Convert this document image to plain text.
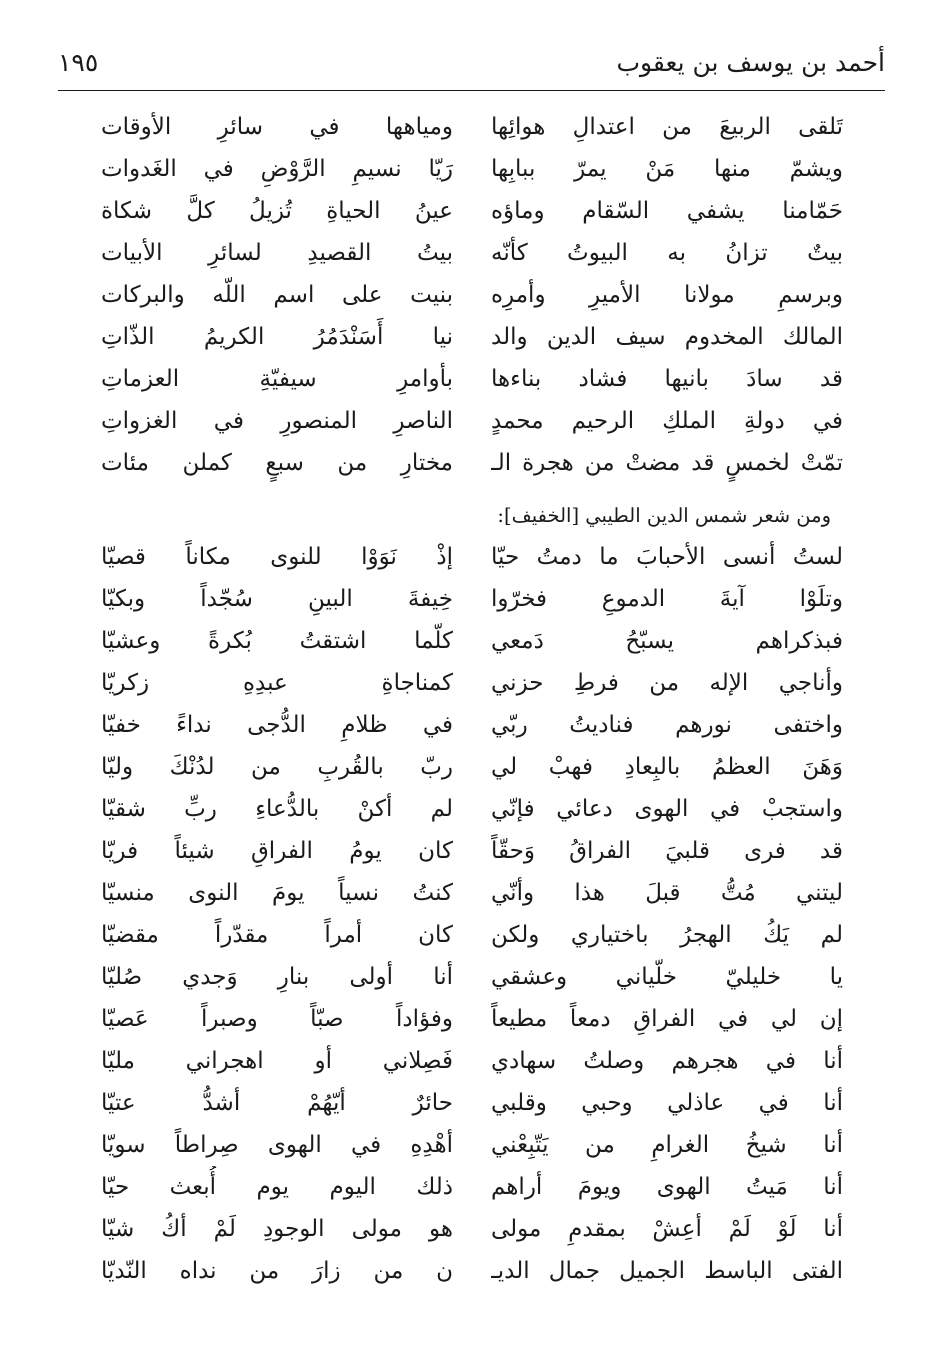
أحمد بن يوسف بن يعقوب
١٩٥
تَلقى الربيعَ من اعتدالِ هوائِها
ويشمّ منها مَنْ يمرّ ببابِها
حَمّامنا يشفي السّقام وماؤه
بيتٌ تزانُ به البيوتُ كأنّه
وبرسمِ مولانا الأميرِ وأمرِه
المالك المخدوم سيف الدين والد
قد سادَ بانيها فشاد بناءها
في دولةِ الملكِ الرحيم محمدٍ
تمّتْ لخمسٍ قد مضتْ من هجرة الـ
ومياهها في سائرِ الأوقات
رَيّا نسيمِ الرَّوْضِ في الغَدوات
عينُ الحياةِ تُزيلُ كلَّ شكاة
بيتُ القصيدِ لسائرِ الأبيات
بنيت على اسم اللّه والبركات
نيا أَسَنْدَمُرُ الكريمُ الذّاتِ
بأوامرِ سيفيّةِ العزماتِ
الناصرِ المنصورِ في الغزواتِ
مختارِ من سبعٍ كملن مئات
ومن شعر شمس الدين الطيبي [الخفيف]:
لستُ أنسى الأحبابَ ما دمتُ حيّا
وتلَوْا آيةَ الدموعِ فخرّوا
فبذكراهم يسبّحُ دَمعي
وأناجي الإله من فرطِ حزني
واختفى نورهم فناديتُ ربّي
وَهَنَ العظمُ بالبِعادِ فهبْ لي
واستجبْ في الهوى دعائي فإنّي
قد فرى قلبيَ الفراقُ وَحقّاً
ليتني مُتُّ قبلَ هذا وأنّي
لم يَكُ الهجرُ باختياري ولكن
يا خليليّ خلّياني وعشقي
إن لي في الفراقِ دمعاً مطيعاً
أنا في هجرهم وصلتُ سهادي
أنا في عاذلي وحبي وقلبي
أنا شيخُ الغرامِ من يَتّبِعْني
أنا مَيتُ الهوى ويومَ أراهم
أنا لَوْ لَمْ أعِشْ بمقدمِ مولى
الفتى الباسط الجميل جمال الديـ
إذْ نَوَوْا للنوى مكاناً قصيّا
خِيفةَ البينِ سُجّداً وبكيّا
كلّما اشتقتُ بُكرةً وعشيّا
كمناجاةِ عبدِهِ زكريّا
في ظلامِ الدُّجى نداءً خفيّا
ربّ بالقُربِ من لدُنْكَ وليّا
لم أكنْ بالدُّعاءِ ربِّ شقيّا
كان يومُ الفراقِ شيئاً فريّا
كنتُ نسياً يومَ النوى منسيّا
كان أمراً مقدّراً مقضيّا
أنا أولى بنارِ وَجدي صُليّا
وفؤاداً صبّاً وصبراً عَصيّا
فَصِلاني أو اهجراني مليّا
حائرٌ أيّهُمْ أشدُّ عتيّا
أهْدِهِ في الهوى صِراطاً سويّا
ذلك اليوم يوم أُبعث حيّا
هو مولى الوجودِ لَمْ أكُ شيّا
ن من زارَ من نداه النّديّا
